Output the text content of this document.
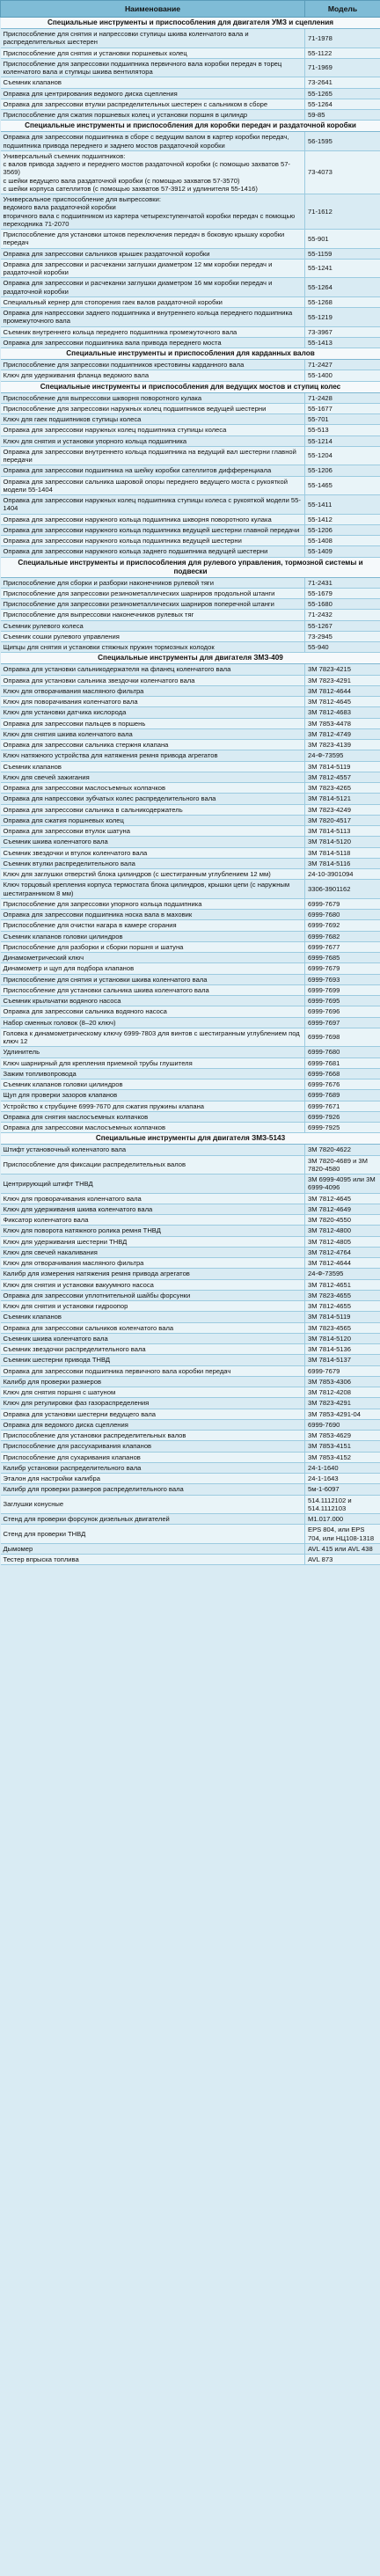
Наименование	Модель
Специальные инструменты и приспособления для двигателя УМЗ и сцепления	
Приспособление для снятия и напрессовки ступицы шкива коленчатого вала и распределительных шестерен	71-1978
Приспособление для снятия и установки поршневых колец	55-1122
Приспособление для запрессовки подшипника первичного вала коробки передач в торец коленчатого вала и ступицы шкива вентилятора	71-1969
Съемник клапанов	73-2641
Оправка для центрирования ведомого диска сцепления	55-1265
Оправка для запрессовки втулки распределительных шестерен с сальником в сборе	55-1264
Приспособление для сжатия поршневых колец и установки поршня в цилиндр	59-85
Специальные инструменты и приспособления для коробки передач и раздаточной коробки	
Оправка для запрессовки подшипника в сборе с ведущим валом в картер коробки передач, подшипника привода переднего и заднего мостов раздаточной коробки	56-1595
Универсальный съемник подшипников:
с валов привода заднего и переднего мостов раздаточной коробки (с помощью захватов 57-3569)
с шейки ведущего вала раздаточной коробки (с помощью захватов 57-3570)
с шейки корпуса сателлитов (с помощью захватов 57-3912 и удлинителя 55-1416)	73-4073
Универсальное приспособление для выпрессовки:
ведомого вала раздаточной коробки
вторичного вала с подшипником из картера четырехступенчатой коробки передач с помощью переходника 71-2070	71-1612
Приспособление для установки штоков переключения передач в боковую крышку коробки передач	55-901
Оправка для запрессовки сальников крышек раздаточной коробки	55-1159
Оправка для запрессовки и расчеканки заглушки диаметром 12 мм коробки передач и раздаточной коробки	55-1241
Оправка для запрессовки и расчеканки заглушки диаметром 16 мм коробки передач и раздаточной коробки	55-1264
Специальный кернер для стопорения гаек валов раздаточной коробки	55-1268
Оправка для напрессовки заднего подшипника и внутреннего кольца переднего подшипника промежуточного вала	55-1219
Съемник внутреннего кольца переднего подшипника промежуточного вала	73-3967
Оправка для запрессовки подшипника вала привода переднего моста	55-1413
Специальные инструменты и приспособления для карданных валов	
Приспособление для запрессовки подшипников крестовины карданного вала	71-2427
Ключ для удерживания фланца ведомого вала	55-1400
Специальные инструменты и приспособления для ведущих мостов и ступиц колес	
Приспособление для выпрессовки шкворня поворотного кулака	71-2428
Приспособление для запрессовки наружных колец подшипников ведущей шестерни	55-1677
Ключ для гаек подшипников ступицы колеса	55-701
Оправка для запрессовки наружных колец подшипника ступицы колеса	55-513
Ключ для снятия и установки упорного кольца подшипника	55-1214
Оправка для запрессовки внутреннего кольца подшипника на ведущий вал шестерни главной передачи	55-1204
Оправка для запрессовки подшипника на шейку коробки сателлитов дифференциала	55-1206
Оправка для запрессовки сальника шаровой опоры переднего ведущего моста с рукояткой модели 55-1404	55-1465
Оправка для запрессовки наружных колец подшипника ступицы колеса с рукояткой модели 55-1404	55-1411
Оправка для запрессовки наружного кольца подшипника шкворня поворотного кулака	55-1412
Оправка для запрессовки наружного кольца подшипника ведущей шестерни главной передачи	55-1206
Оправка для запрессовки наружного кольца подшипника ведущей шестерни	55-1408
Оправка для запрессовки наружного кольца заднего подшипника ведущей шестерни	55-1409
Специальные инструменты и приспособления для рулевого управления, тормозной системы и подвески	
Приспособление для сборки и разборки наконечников рулевой тяги	71-2431
Приспособление для запрессовки резинометаллических шарниров продольной штанги	55-1679
Приспособление для запрессовки резинометаллических шарниров поперечной штанги	55-1680
Приспособление для выпрессовки наконечников рулевых тяг	71-2432
Съемник рулевого колеса	55-1267
Съемник сошки рулевого управления	73-2945
Щипцы для снятия и установки стяжных пружин тормозных колодок	55-940
Специальные инструменты для двигателя ЗМЗ-409	
Оправка для установки сальникодержателя на фланец коленчатого вала	3М 7823-4215
Оправка для установки сальника звездочки коленчатого вала	3М 7823-4291
Ключ для отворачивания масляного фильтра	3М 7812-4644
Ключ для поворачивания коленчатого вала	3М 7812-4645
Ключ для установки датчика кислорода	3М 7812-4683
Оправка для запрессовки пальцев в поршень	3М 7853-4478
Ключ для снятия шкива коленчатого вала	3М 7812-4749
Оправка для запрессовки сальника стержня клапана	3М 7823-4139
Ключ натяжного устройства для натяжения ремня привода агрегатов	24-Ф-73595
Съемник клапанов	3М 7814-5119
Ключ для свечей зажигания	3М 7812-4557
Оправка для запрессовки маслосъемных колпачков	3М 7823-4265
Оправка для напрессовки зубчатых колес распределительного вала	3М 7814-5121
Оправка для запрессовки сальника в сальникодержатель	3М 7823-4249
Оправка для сжатия поршневых колец	3М 7820-4517
Оправка для запрессовки втулок шатуна	3М 7814-5113
Съемник шкива коленчатого вала	3М 7814-5120
Съемник звездочки и втулок коленчатого вала	3М 7814-5118
Съемник втулки распределительного вала	3М 7814-5116
Ключ для заглушки отверстий блока цилиндров (с шестигранным углублением 12 мм)	24-10-3901094
Ключ торцовый крепления корпуса термостата блока цилиндров, крышки цепи (с наружным шестигранником 8 мм)	3306-3901162
Приспособление для запрессовки упорного кольца подшипника	6999-7679
Оправка для запрессовки подшипника носка вала в маховик	6999-7680
Приспособление для очистки нагара в камере сгорания	6999-7692
Съемник клапанов головки цилиндров	6999-7682
Приспособление для разборки и сборки поршня и шатуна	6999-7677
Динамометрический ключ	6999-7685
Динамометр и щуп для подбора клапанов	6999-7679
Приспособление для снятия и установки шкива коленчатого вала	6999-7693
Приспособление для установки сальника шкива коленчатого вала	6999-7699
Съемник крыльчатки водяного насоса	6999-7695
Оправка для запрессовки сальника водяного насоса	6999-7696
Набор сменных головок (8–20 ключ)	6999-7697
Головка к динамометрическому ключу 6999-7803 для винтов с шестигранным углублением под ключ 12	6999-7698
Удлинитель	6999-7680
Ключ шарнирный для крепления приемной трубы глушителя	6999-7681
Зажим топливопровода	6999-7668
Съемник клапанов головки цилиндров	6999-7676
Щуп для проверки зазоров клапанов	6999-7689
Устройство к струбцине 6999-7670 для сжатия пружины клапана	6999-7671
Оправка для снятия маслосъемных колпачков	6999-7926
Оправка для запрессовки маслосъемных колпачков	6999-7925
Специальные инструменты для двигателя ЗМЗ-5143	
Штифт установочный коленчатого вала	3М 7820-4622
Приспособление для фиксации распределительных валов	3М 7820-4689 и 3М 7820-4580
Центрирующий штифт ТНВД	3М 6999-4095 или 3М 6999-4096
Ключ для проворачивания коленчатого вала	3М 7812-4645
Ключ для удерживания шкива коленчатого вала	3М 7812-4649
Фиксатор коленчатого вала	3М 7820-4550
Ключ для поворота натяжного ролика ремня ТНВД	3М 7812-4800
Ключ для удерживания шестерни ТНВД	3М 7812-4805
Ключ для свечей накаливания	3М 7812-4764
Ключ для отворачивания масляного фильтра	3М 7812-4644
Калибр для измерения натяжения ремня привода агрегатов	24-Ф-73595
Ключ для снятия и установки вакуумного насоса	3М 7812-4651
Оправка для запрессовки уплотнительной шайбы форсунки	3М 7823-4655
Ключ для снятия и установки гидроопор	3М 7812-4655
Съемник клапанов	3М 7814-5119
Оправка для запрессовки сальников коленчатого вала	3М 7823-4565
Съемник шкива коленчатого вала	3М 7814-5120
Съемник звездочки распределительного вала	3М 7814-5136
Съемник шестерни привода ТНВД	3М 7814-5137
Оправка для запрессовки подшипника первичного вала коробки передач	6999-7679
Калибр для проверки размеров	3М 7853-4306
Ключ для снятия поршня с шатуном	3М 7812-4208
Ключ для регулировки фаз газораспределения	3М 7823-4291
Оправка для установки шестерни ведущего вала	3М 7853-4291-04
Оправка для ведомого диска сцепления	6999-7690
Приспособление для установки распределительных валов	3М 7853-4629
Приспособление для рассухаривания клапанов	3М 7853-4151
Приспособление для сухаривания клапанов	3М 7853-4152
Калибр установки распределительного вала	24-1-1640
Эталон для настройки калибра	24-1-1643
Калибр для проверки размеров распределительного вала	5м-1-6097
Заглушки конусные	514.1112102 и 514.1112103
Стенд для проверки форсунок дизельных двигателей	М1.017.000
Стенд для проверки ТНВД	EPS 804, или EPS 704, или НЦ108-1318
Дымомер	AVL 415 или AVL 438
Тестер впрыска топлива	AVL 873
